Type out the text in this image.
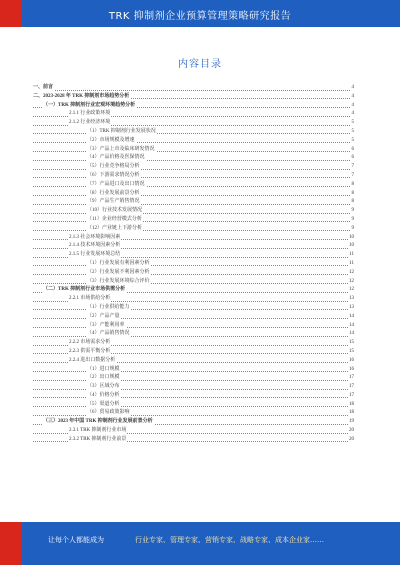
TRK 抑制剂企业预算管理策略研究报告
内容目录
一、前言	4
二、2023-2028 年 TRK 抑制剂市场趋势分析	4
（一）TRK 抑制剂行业宏观环境趋势分析	4
2.1.1 行业政策环境	4
2.1.2 行业经济环境	5
（1）TRK 抑制剂行业发展状况	5
（2）市场规模及增速	5
（3）产品上市及临床研发情况	6
（4）产品价格及医保情况	6
（5）行业竞争格局分析	7
（6）下游需求情况分析	7
（7）产品进口及出口情况	8
（8）行业发展前景分析	8
（9）产品生产销售情况	8
（10）行业技术发展情况	9
（11）企业经营模式分析	9
（12）产业链上下游分析	9
2.1.3 社会环境影响因素	10
2.1.4 技术环境因素分析	10
2.1.5 行业发展环境总结	11
（1）行业发展有利因素分析	11
（2）行业发展不利因素分析	12
（3）行业发展环境综合评价	12
（二）TRK 抑制剂行业市场供需分析	12
2.2.1 市场供给分析	13
（1）行业供给能力	13
（2）产品产量	14
（3）产能利用率	14
（4）产品销售情况	14
2.2.2 市场需求分析	15
2.2.3 供需平衡分析	15
2.2.4 进出口数据分析	16
（1）进口规模	16
（2）出口规模	17
（3）区域分布	17
（4）价格分析	17
（5）渠道分析	18
（6）贸易政策影响	18
（三）2023 年中国 TRK 抑制剂行业发展前景分析	19
2.3.1 TRK 抑制剂行业市场	20
2.3.2 TRK 抑制剂行业前景	20
让每个人都能成为	行业专家、管理专家、营销专家、战略专家、成本企业家……
